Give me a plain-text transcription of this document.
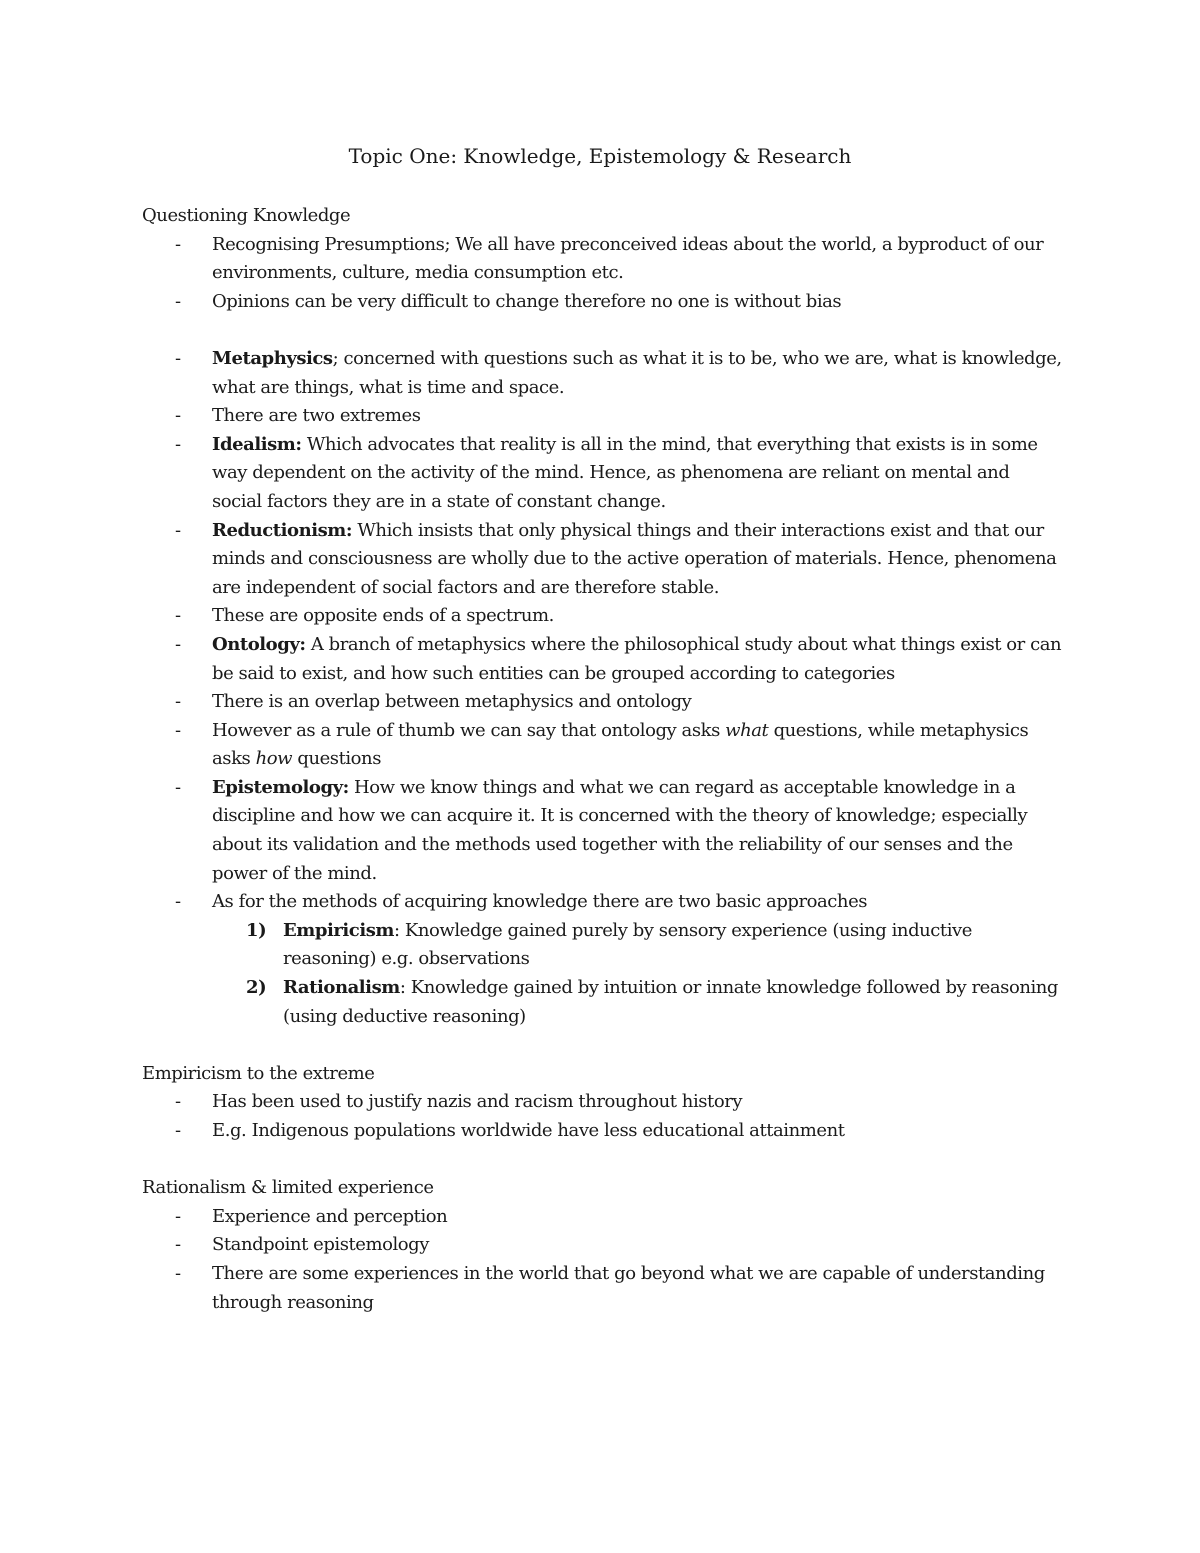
Topic One: Knowledge, Epistemology & Research

Questioning Knowledge

- Recognising Presumptions; We all have preconceived ideas about the world, a byproduct of our environments, culture, media consumption etc.
- Opinions can be very difficult to change therefore no one is without bias
- Metaphysics; concerned with questions such as what it is to be, who we are, what is knowledge, what are things, what is time and space.
- There are two extremes
- Idealism: Which advocates that reality is all in the mind, that everything that exists is in some way dependent on the activity of the mind. Hence, as phenomena are reliant on mental and social factors they are in a state of constant change.
- Reductionism: Which insists that only physical things and their interactions exist and that our minds and consciousness are wholly due to the active operation of materials. Hence, phenomena are independent of social factors and are therefore stable.
- These are opposite ends of a spectrum.
- Ontology: A branch of metaphysics where the philosophical study about what things exist or can be said to exist, and how such entities can be grouped according to categories
- There is an overlap between metaphysics and ontology
- However as a rule of thumb we can say that ontology asks what questions, while metaphysics asks how questions
- Epistemology: How we know things and what we can regard as acceptable knowledge in a discipline and how we can acquire it. It is concerned with the theory of knowledge; especially about its validation and the methods used together with the reliability of our senses and the power of the mind.
- As for the methods of acquiring knowledge there are two basic approaches
1) Empiricism: Knowledge gained purely by sensory experience (using inductive reasoning) e.g. observations
2) Rationalism: Knowledge gained by intuition or innate knowledge followed by reasoning (using deductive reasoning)

Empiricism to the extreme

- Has been used to justify nazis and racism throughout history
- E.g. Indigenous populations worldwide have less educational attainment

Rationalism & limited experience

- Experience and perception
- Standpoint epistemology
- There are some experiences in the world that go beyond what we are capable of understanding through reasoning
